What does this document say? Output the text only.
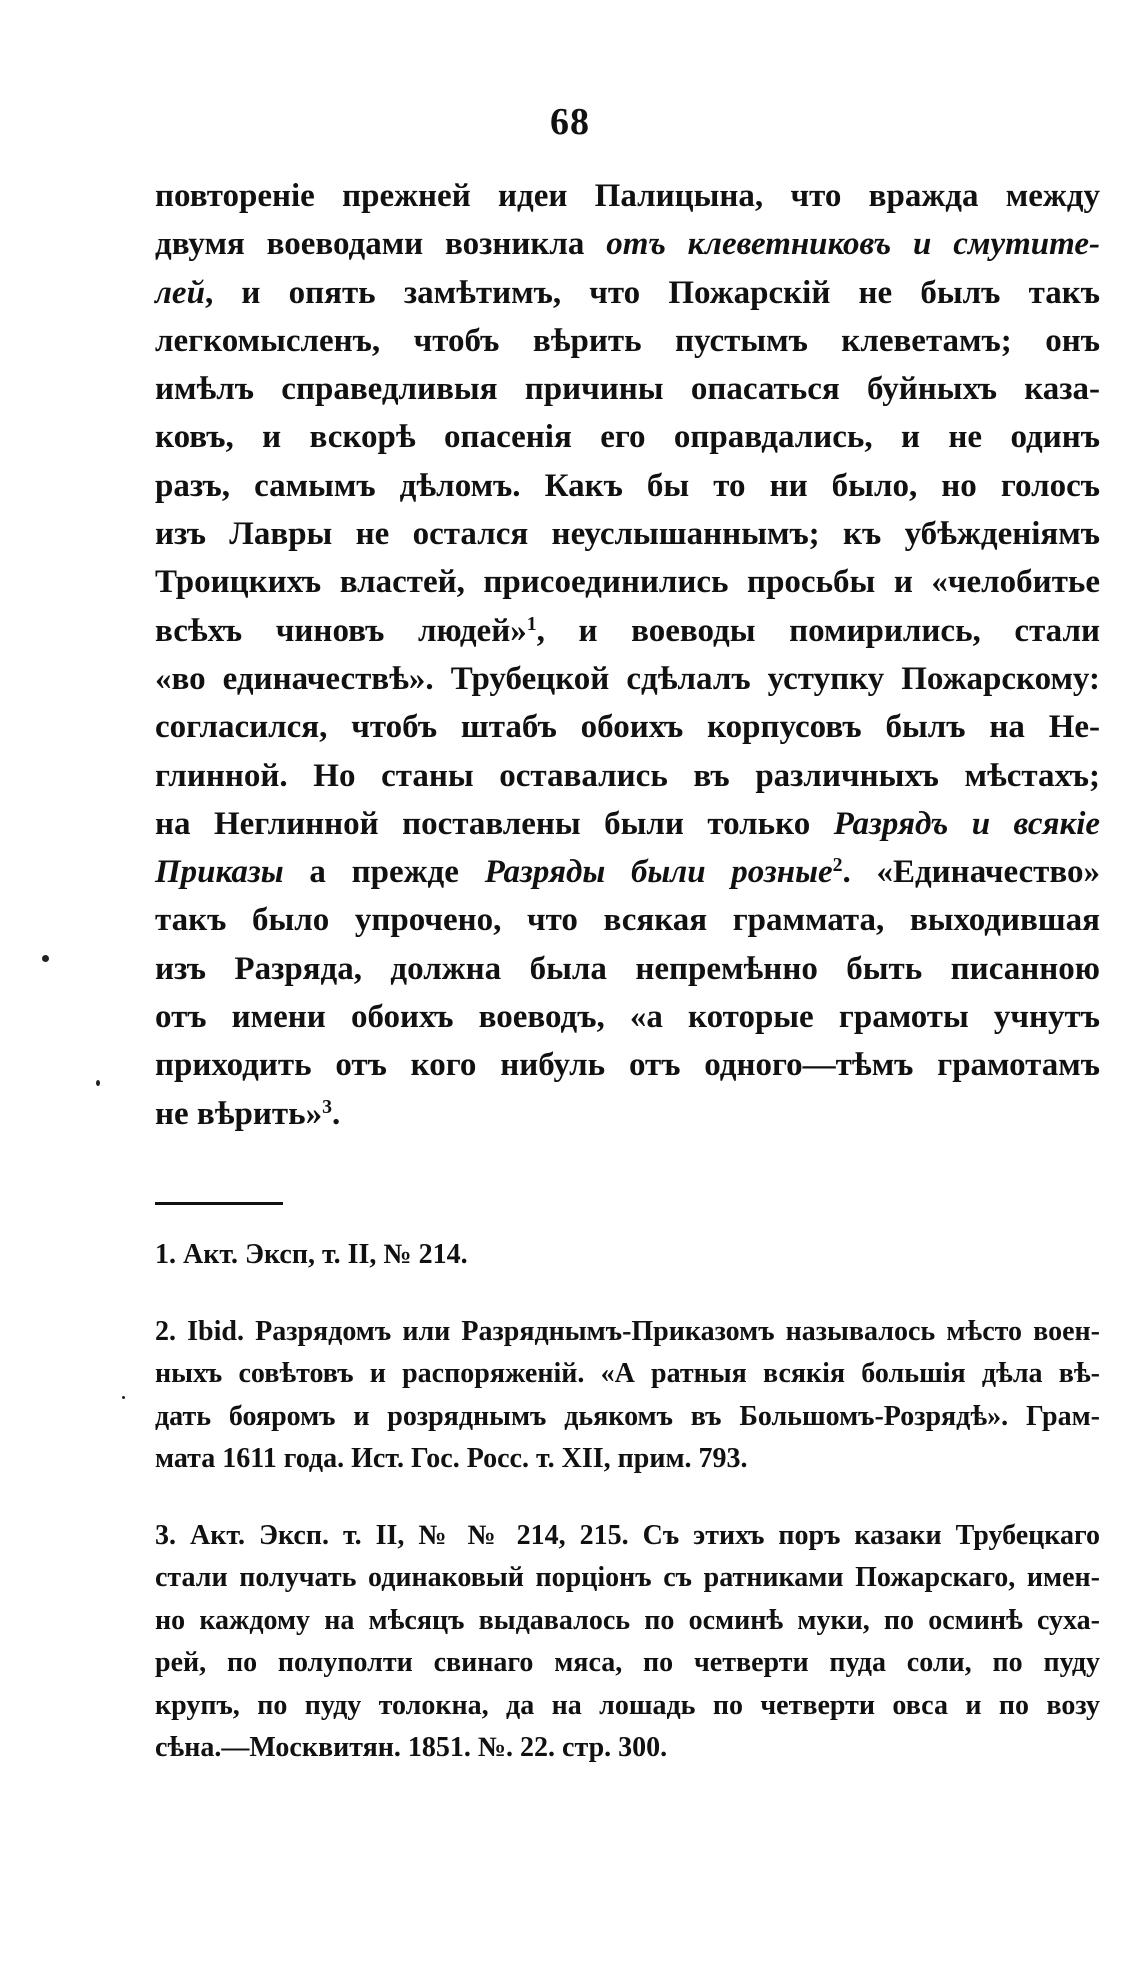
68
повторенiе прежней идеи Палицына, что вражда между
двумя воеводами возникла отъ клеветниковъ и смутите-
лей, и опять замѣтимъ, что Пожарскiй не былъ такъ
легкомысленъ, чтобъ вѣрить пустымъ клеветамъ; онъ
имѣлъ справедливыя причины опасаться буйныхъ каза-
ковъ, и вскорѣ опасенiя его оправдались, и не одинъ
разъ, самымъ дѣломъ. Какъ бы то ни было, но голосъ
изъ Лавры не остался неуслышаннымъ; къ убѣжденiямъ
Троицкихъ властей, присоединились просьбы и «челобитье
всѣхъ чиновъ людей»$^1$, и воеводы помирились, стали
«во единачествѣ». Трубецкой сдѣлалъ уступку Пожарскому:
согласился, чтобъ штабъ обоихъ корпусовъ былъ на Не-
глинной. Но станы оставались въ различныхъ мѣстахъ;
на Неглинной поставлены были только Разрядъ и всякiе
Приказы а прежде Разряды были розные$^2$. «Единачество»
такъ было упрочено, что всякая граммата, выходившая
изъ Разряда, должна была непремѣнно быть писанною
отъ имени обоихъ воеводъ, «а которые грамоты учнутъ
приходить отъ кого нибуль отъ одного—тѣмъ грамотамъ
не вѣрить»$^3$.
1. Акт. Эксп, т. II, № 214.
2. Ibid. Разрядомъ или Разряднымъ-Приказомъ называлось мѣсто воен-
ныхъ совѣтовъ и распоряженiй. «А ратныя всякiя большiя дѣла вѣ-
дать бояромъ и розряднымъ дьякомъ въ Большомъ-Розрядѣ». Грам-
мата 1611 года. Ист. Гос. Росс. т. XII, прим. 793.
3. Акт. Эксп. т. II, № № 214, 215. Съ этихъ поръ казаки Трубецкаго
стали получать одинаковый порцiонъ съ ратниками Пожарскаго, имен-
но каждому на мѣсяцъ выдавалось по осминѣ муки, по осминѣ суха-
рей, по полуполти свинаго мяса, по четверти пуда соли, по пуду
крупъ, по пуду толокна, да на лошадь по четверти овса и по возу
сѣна.—Москвитян. 1851. №. 22. стр. 300.
